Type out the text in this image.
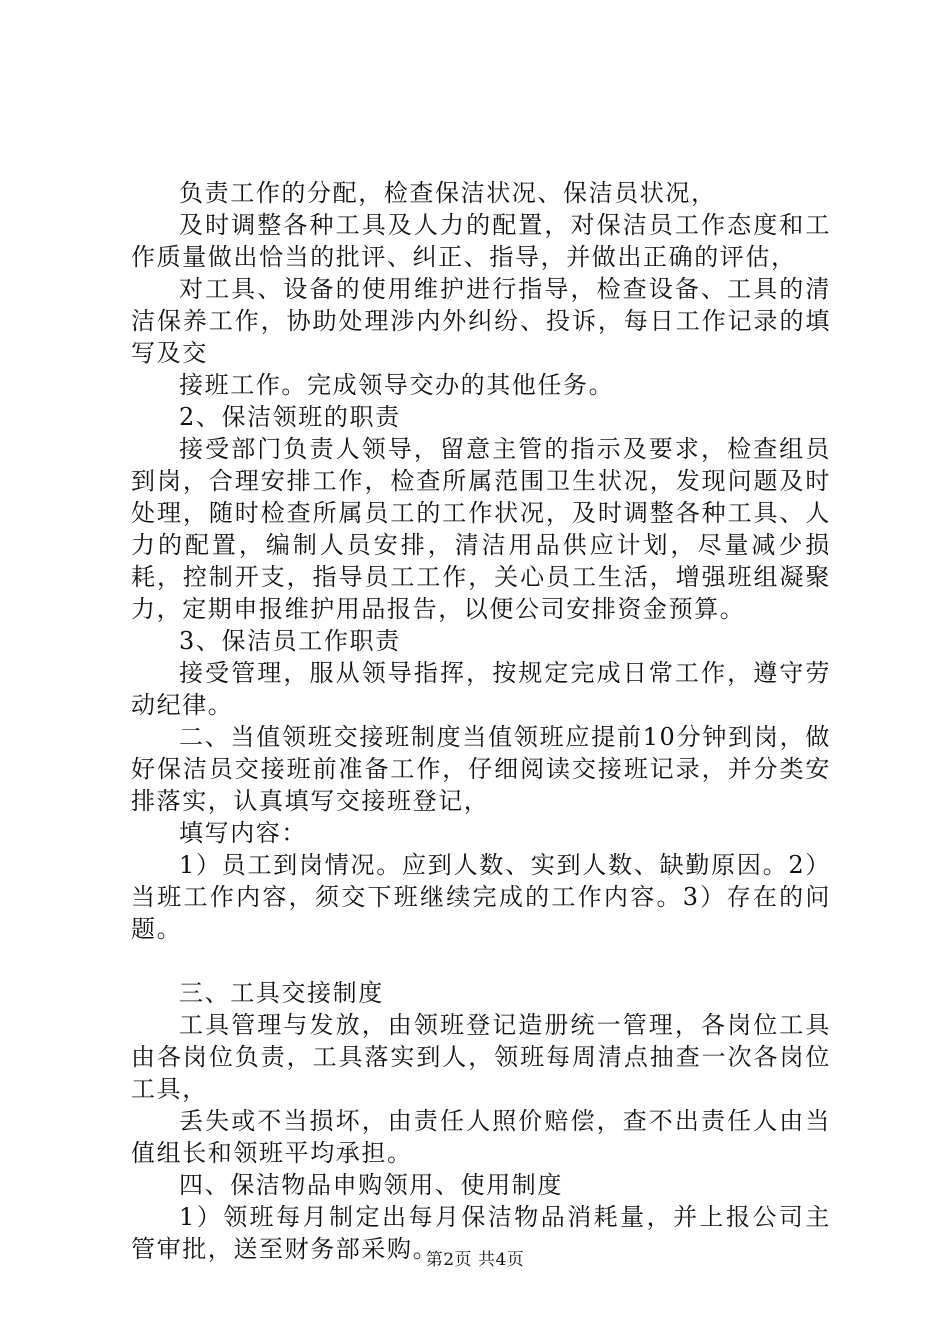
负责工作的分配，检查保洁状况、保洁员状况，

及时调整各种工具及人力的配置，对保洁员工作态度和工作质量做出恰当的批评、纠正、指导，并做出正确的评估，

对工具、设备的使用维护进行指导，检查设备、工具的清洁保养工作，协助处理涉内外纠纷、投诉，每日工作记录的填写及交

接班工作。完成领导交办的其他任务。

2、保洁领班的职责

接受部门负责人领导，留意主管的指示及要求，检查组员到岗，合理安排工作，检查所属范围卫生状况，发现问题及时处理，随时检查所属员工的工作状况，及时调整各种工具、人力的配置，编制人员安排，清洁用品供应计划，尽量减少损耗，控制开支，指导员工工作，关心员工生活，增强班组凝聚力，定期申报维护用品报告，以便公司安排资金预算。

3、保洁员工作职责

接受管理，服从领导指挥，按规定完成日常工作，遵守劳动纪律。

二、当值领班交接班制度当值领班应提前10分钟到岗，做好保洁员交接班前准备工作，仔细阅读交接班记录，并分类安排落实，认真填写交接班登记，

填写内容：

1）员工到岗情况。应到人数、实到人数、缺勤原因。2）当班工作内容，须交下班继续完成的工作内容。3）存在的问题。

三、工具交接制度

工具管理与发放，由领班登记造册统一管理，各岗位工具由各岗位负责，工具落实到人，领班每周清点抽查一次各岗位工具，

丢失或不当损坏，由责任人照价赔偿，查不出责任人由当值组长和领班平均承担。

四、保洁物品申购领用、使用制度

1）领班每月制定出每月保洁物品消耗量，并上报公司主管审批，送至财务部采购。

第2页 共4页
